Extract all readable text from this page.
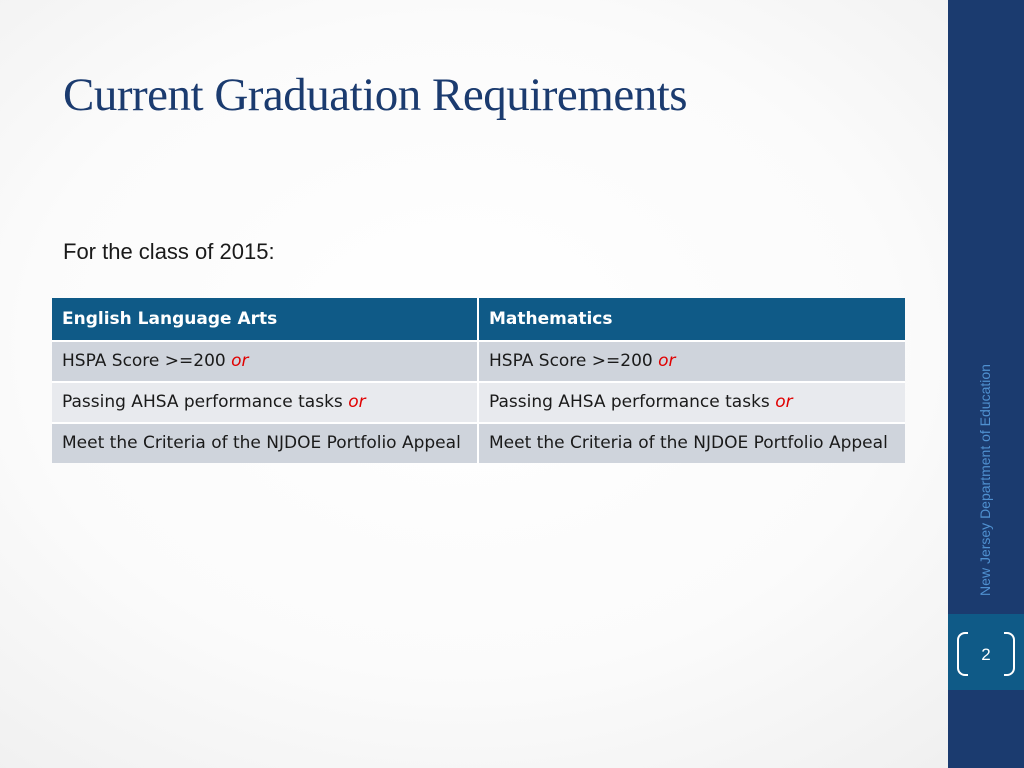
Current Graduation Requirements
For the class of 2015:
English Language Arts	Mathematics
HSPA Score >=200 or	HSPA Score >=200 or
Passing AHSA performance tasks or	Passing AHSA performance tasks or
Meet the Criteria of the NJDOE Portfolio Appeal	Meet the Criteria of the NJDOE Portfolio Appeal	New Jersey Department of Education
2
